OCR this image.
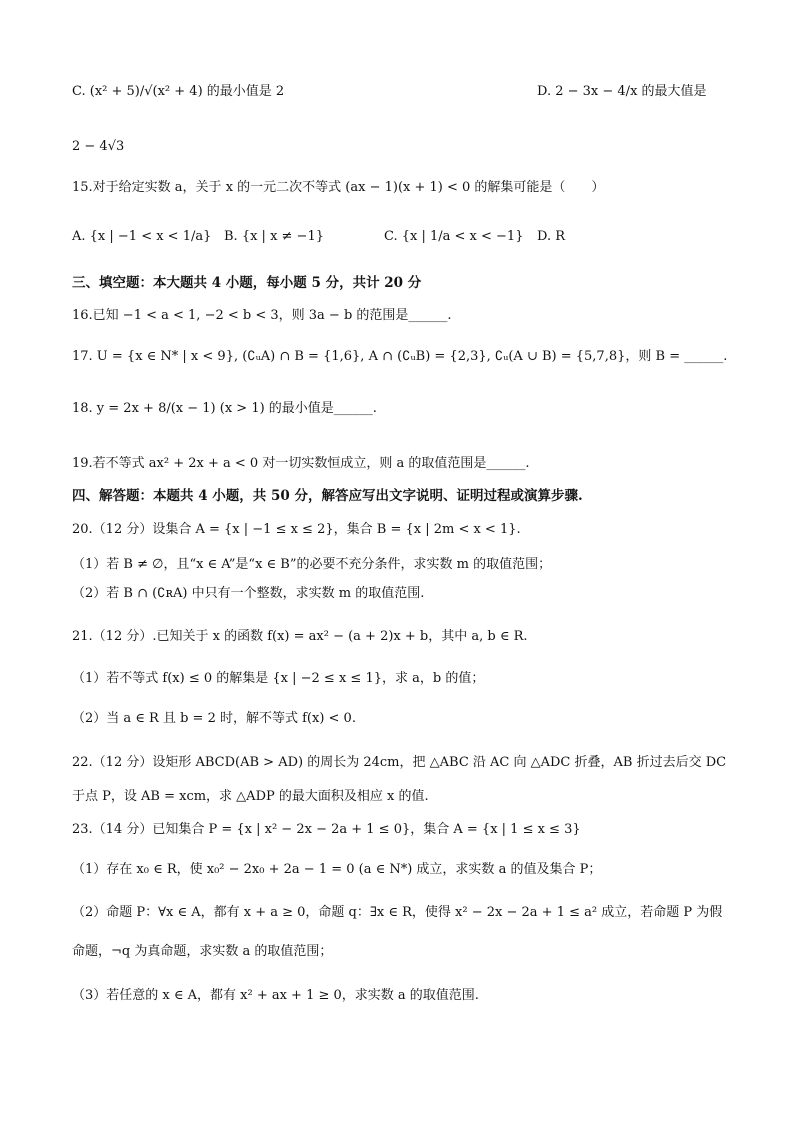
C. (x² + 5)/√(x² + 4) 的最小值是 2	D. 2 − 3x − 4/x 的最大值是
2 − 4√3
15.对于给定实数 a，关于 x 的一元二次不等式 (ax − 1)(x + 1) < 0 的解集可能是（　　）
A. {x | −1 < x < 1/a} B. {x | x ≠ −1}	C. {x | 1/a < x < −1} D. R
三、填空题：本大题共 4 小题，每小题 5 分，共计 20 分
16.已知 −1 < a < 1, −2 < b < 3，则 3a − b 的范围是______.
17. U = {x ∈ N* | x < 9}, (∁ᵤA) ∩ B = {1,6}, A ∩ (∁ᵤB) = {2,3}, ∁ᵤ(A ∪ B) = {5,7,8}，则 B = ______.
18. y = 2x + 8/(x − 1) (x > 1) 的最小值是______.
19.若不等式 ax² + 2x + a < 0 对一切实数恒成立，则 a 的取值范围是______.
四、解答题：本题共 4 小题，共 50 分，解答应写出文字说明、证明过程或演算步骤.
20.（12 分）设集合 A = {x | −1 ≤ x ≤ 2}，集合 B = {x | 2m < x < 1}.
（1）若 B ≠ ∅，且“x ∈ A”是“x ∈ B”的必要不充分条件，求实数 m 的取值范围；
（2）若 B ∩ (∁ʀA) 中只有一个整数，求实数 m 的取值范围.
21.（12 分）.已知关于 x 的函数 f(x) = ax² − (a + 2)x + b，其中 a, b ∈ R.
（1）若不等式 f(x) ≤ 0 的解集是 {x | −2 ≤ x ≤ 1}，求 a，b 的值；
（2）当 a ∈ R 且 b = 2 时，解不等式 f(x) < 0.
22.（12 分）设矩形 ABCD(AB > AD) 的周长为 24cm，把 △ABC 沿 AC 向 △ADC 折叠，AB 折过去后交 DC
于点 P，设 AB = xcm，求 △ADP 的最大面积及相应 x 的值.
23.（14 分）已知集合 P = {x | x² − 2x − 2a + 1 ≤ 0}，集合 A = {x | 1 ≤ x ≤ 3}
（1）存在 x₀ ∈ R，使 x₀² − 2x₀ + 2a − 1 = 0 (a ∈ N*) 成立，求实数 a 的值及集合 P；
（2）命题 P：∀x ∈ A，都有 x + a ≥ 0，命题 q：∃x ∈ R，使得 x² − 2x − 2a + 1 ≤ a² 成立，若命题 P 为假
命题，¬q 为真命题，求实数 a 的取值范围；
（3）若任意的 x ∈ A，都有 x² + ax + 1 ≥ 0，求实数 a 的取值范围.
